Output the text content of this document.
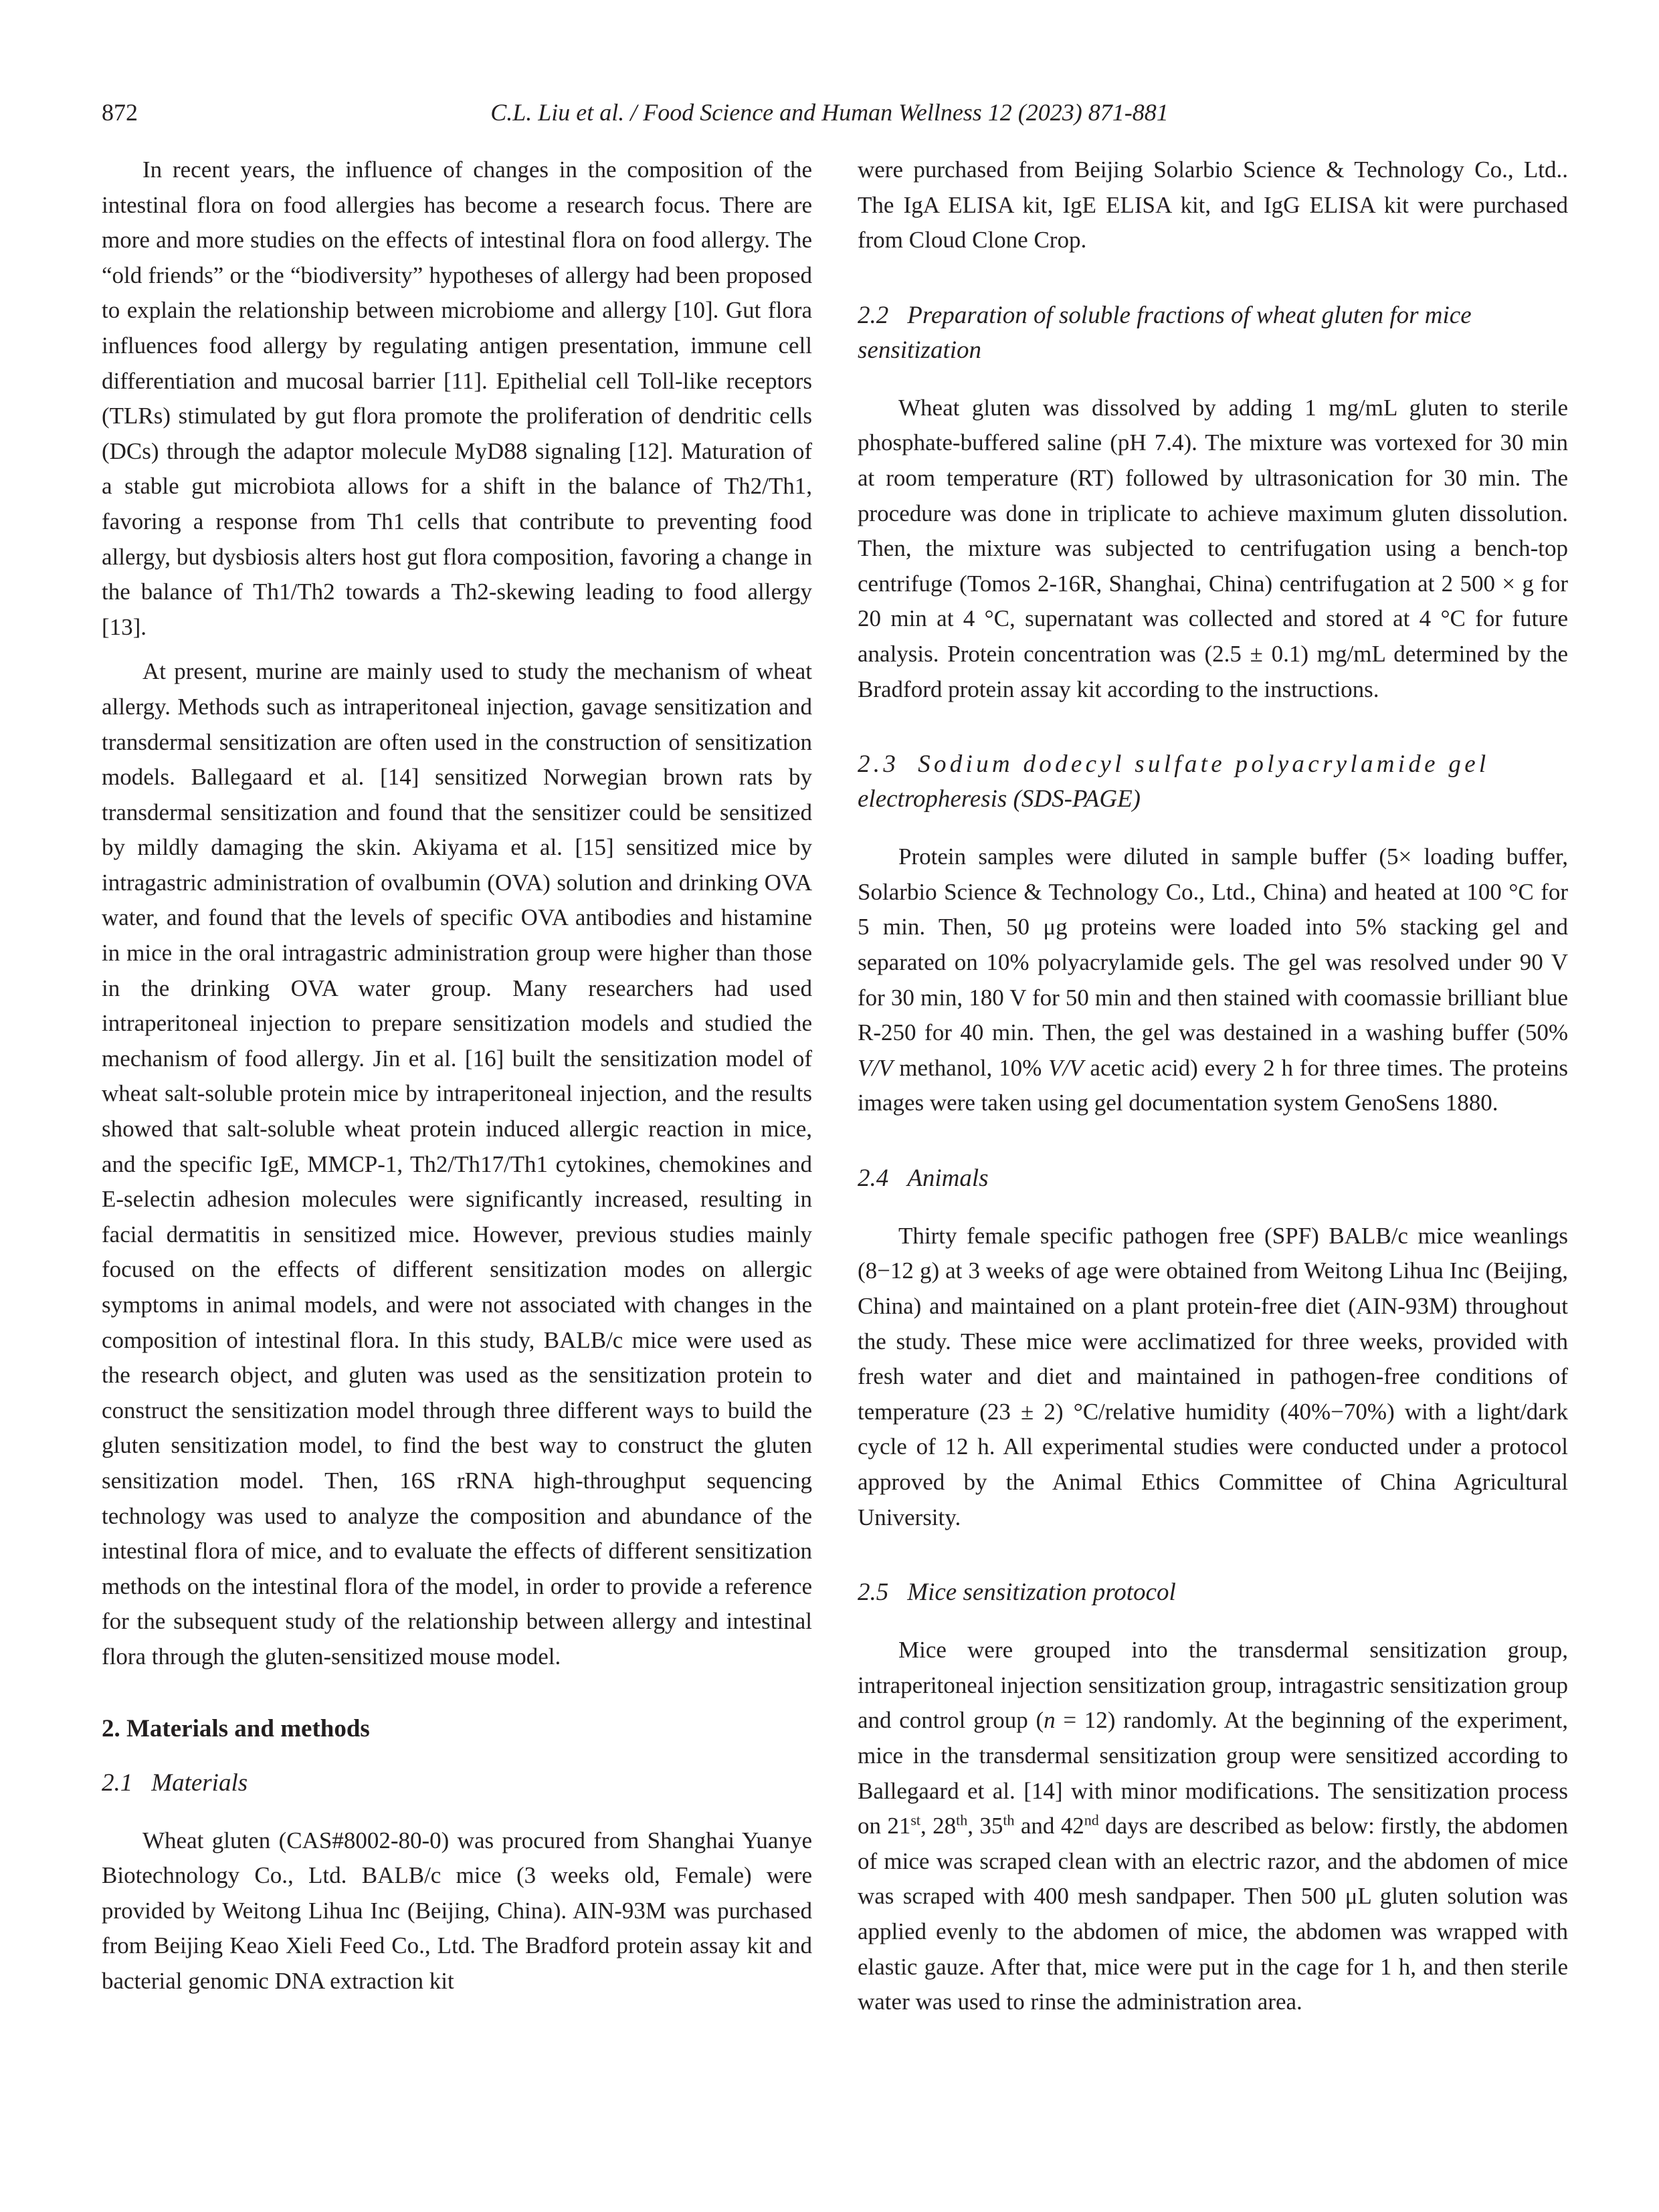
872	C.L. Liu et al. / Food Science and Human Wellness 12 (2023) 871-881

In recent years, the influence of changes in the composition of the intestinal flora on food allergies has become a research focus. There are more and more studies on the effects of intestinal flora on food allergy. The “old friends” or the “biodiversity” hypotheses of allergy had been proposed to explain the relationship between microbiome and allergy [10]. Gut flora influences food allergy by regulating antigen presentation, immune cell differentiation and mucosal barrier [11]. Epithelial cell Toll-like receptors (TLRs) stimulated by gut flora promote the proliferation of dendritic cells (DCs) through the adaptor molecule MyD88 signaling [12]. Maturation of a stable gut microbiota allows for a shift in the balance of Th2/Th1, favoring a response from Th1 cells that contribute to preventing food allergy, but dysbiosis alters host gut flora composition, favoring a change in the balance of Th1/Th2 towards a Th2-skewing leading to food allergy [13].

At present, murine are mainly used to study the mechanism of wheat allergy. Methods such as intraperitoneal injection, gavage sensitization and transdermal sensitization are often used in the construction of sensitization models. Ballegaard et al. [14] sensitized Norwegian brown rats by transdermal sensitization and found that the sensitizer could be sensitized by mildly damaging the skin. Akiyama et al. [15] sensitized mice by intragastric administration of ovalbumin (OVA) solution and drinking OVA water, and found that the levels of specific OVA antibodies and histamine in mice in the oral intragastric administration group were higher than those in the drinking OVA water group. Many researchers had used intraperitoneal injection to prepare sensitization models and studied the mechanism of food allergy. Jin et al. [16] built the sensitization model of wheat salt-soluble protein mice by intraperitoneal injection, and the results showed that salt-soluble wheat protein induced allergic reaction in mice, and the specific IgE, MMCP-1, Th2/Th17/Th1 cytokines, chemokines and E-selectin adhesion molecules were significantly increased, resulting in facial dermatitis in sensitized mice. However, previous studies mainly focused on the effects of different sensitization modes on allergic symptoms in animal models, and were not associated with changes in the composition of intestinal flora. In this study, BALB/c mice were used as the research object, and gluten was used as the sensitization protein to construct the sensitization model through three different ways to build the gluten sensitization model, to find the best way to construct the gluten sensitization model. Then, 16S rRNA high-throughput sequencing technology was used to analyze the composition and abundance of the intestinal flora of mice, and to evaluate the effects of different sensitization methods on the intestinal flora of the model, in order to provide a reference for the subsequent study of the relationship between allergy and intestinal flora through the gluten-sensitized mouse model.

2. Materials and methods
2.1 Materials

Wheat gluten (CAS#8002-80-0) was procured from Shanghai Yuanye Biotechnology Co., Ltd. BALB/c mice (3 weeks old, Female) were provided by Weitong Lihua Inc (Beijing, China). AIN-93M was purchased from Beijing Keao Xieli Feed Co., Ltd. The Bradford protein assay kit and bacterial genomic DNA extraction kit

were purchased from Beijing Solarbio Science & Technology Co., Ltd.. The IgA ELISA kit, IgE ELISA kit, and IgG ELISA kit were purchased from Cloud Clone Crop.

2.2 Preparation of soluble fractions of wheat gluten for mice sensitization

Wheat gluten was dissolved by adding 1 mg/mL gluten to sterile phosphate-buffered saline (pH 7.4). The mixture was vortexed for 30 min at room temperature (RT) followed by ultrasonication for 30 min. The procedure was done in triplicate to achieve maximum gluten dissolution. Then, the mixture was subjected to centrifugation using a bench-top centrifuge (Tomos 2-16R, Shanghai, China) centrifugation at 2 500 × g for 20 min at 4 °C, supernatant was collected and stored at 4 °C for future analysis. Protein concentration was (2.5 ± 0.1) mg/mL determined by the Bradford protein assay kit according to the instructions.

2.3 Sodium dodecyl sulfate polyacrylamide gel
electropheresis (SDS-PAGE)

Protein samples were diluted in sample buffer (5× loading buffer, Solarbio Science & Technology Co., Ltd., China) and heated at 100 °C for 5 min. Then, 50 μg proteins were loaded into 5% stacking gel and separated on 10% polyacrylamide gels. The gel was resolved under 90 V for 30 min, 180 V for 50 min and then stained with coomassie brilliant blue R-250 for 40 min. Then, the gel was destained in a washing buffer (50% V/V methanol, 10% V/V acetic acid) every 2 h for three times. The proteins images were taken using gel documentation system GenoSens 1880.

2.4 Animals

Thirty female specific pathogen free (SPF) BALB/c mice weanlings (8−12 g) at 3 weeks of age were obtained from Weitong Lihua Inc (Beijing, China) and maintained on a plant protein-free diet (AIN-93M) throughout the study. These mice were acclimatized for three weeks, provided with fresh water and diet and maintained in pathogen-free conditions of temperature (23 ± 2) °C/relative humidity (40%−70%) with a light/dark cycle of 12 h. All experimental studies were conducted under a protocol approved by the Animal Ethics Committee of China Agricultural University.

2.5 Mice sensitization protocol

Mice were grouped into the transdermal sensitization group, intraperitoneal injection sensitization group, intragastric sensitization group and control group (n = 12) randomly. At the beginning of the experiment, mice in the transdermal sensitization group were sensitized according to Ballegaard et al. [14] with minor modifications. The sensitization process on 21st, 28th, 35th and 42nd days are described as below: firstly, the abdomen of mice was scraped clean with an electric razor, and the abdomen of mice was scraped with 400 mesh sandpaper. Then 500 μL gluten solution was applied evenly to the abdomen of mice, the abdomen was wrapped with elastic gauze. After that, mice were put in the cage for 1 h, and then sterile water was used to rinse the administration area.
